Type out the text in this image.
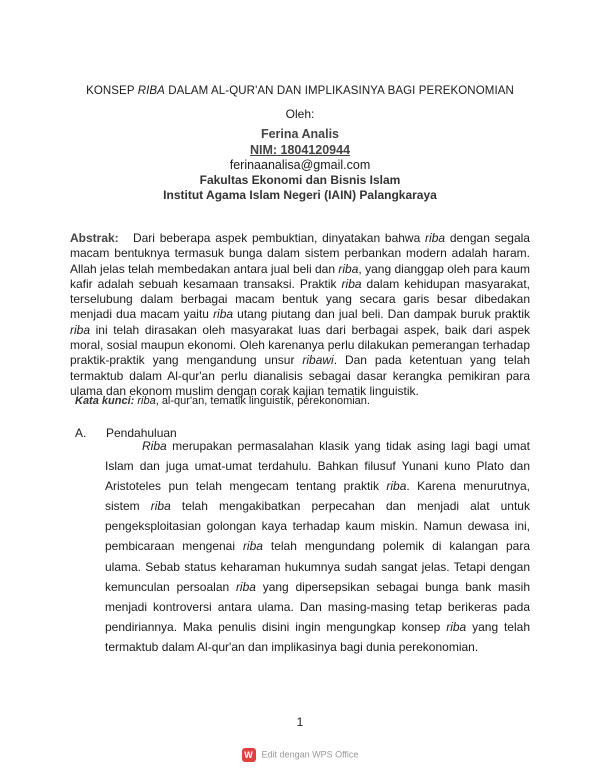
KONSEP RIBA DALAM AL-QUR'AN DAN IMPLIKASINYA BAGI PEREKONOMIAN
Oleh:
Ferina Analis
NIM: 1804120944
ferinaanalisa@gmail.com
Fakultas Ekonomi dan Bisnis Islam
Institut Agama Islam Negeri (IAIN) Palangkaraya
Abstrak: Dari beberapa aspek pembuktian, dinyatakan bahwa riba dengan segala macam bentuknya termasuk bunga dalam sistem perbankan modern adalah haram. Allah jelas telah membedakan antara jual beli dan riba, yang dianggap oleh para kaum kafir adalah sebuah kesamaan transaksi. Praktik riba dalam kehidupan masyarakat, terselubung dalam berbagai macam bentuk yang secara garis besar dibedakan menjadi dua macam yaitu riba utang piutang dan jual beli. Dan dampak buruk praktik riba ini telah dirasakan oleh masyarakat luas dari berbagai aspek, baik dari aspek moral, sosial maupun ekonomi. Oleh karenanya perlu dilakukan pemerangan terhadap praktik-praktik yang mengandung unsur ribawi. Dan pada ketentuan yang telah termaktub dalam Al-qur'an perlu dianalisis sebagai dasar kerangka pemikiran para ulama dan ekonom muslim dengan corak kajian tematik linguistik.
Kata kunci: riba, al-qur'an, tematik linguistik, perekonomian.
A. Pendahuluan
Riba merupakan permasalahan klasik yang tidak asing lagi bagi umat Islam dan juga umat-umat terdahulu. Bahkan filusuf Yunani kuno Plato dan Aristoteles pun telah mengecam tentang praktik riba. Karena menurutnya, sistem riba telah mengakibatkan perpecahan dan menjadi alat untuk pengeksploitasian golongan kaya terhadap kaum miskin. Namun dewasa ini, pembicaraan mengenai riba telah mengundang polemik di kalangan para ulama. Sebab status keharaman hukumnya sudah sangat jelas. Tetapi dengan kemunculan persoalan riba yang dipersepsikan sebagai bunga bank masih menjadi kontroversi antara ulama. Dan masing-masing tetap berikeras pada pendiriannya. Maka penulis disini ingin mengungkap konsep riba yang telah termaktub dalam Al-qur'an dan implikasinya bagi dunia perekonomian.
1
W Edit dengan WPS Office
